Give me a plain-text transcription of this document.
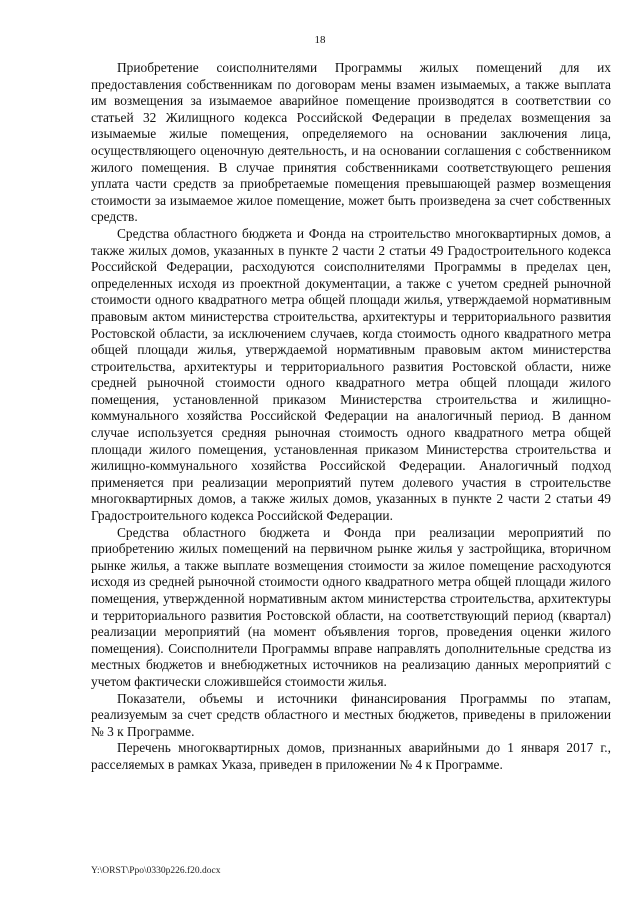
18

Приобретение соисполнителями Программы жилых помещений для их предоставления собственникам по договорам мены взамен изымаемых, а также выплата им возмещения за изымаемое аварийное помещение производятся в соответствии со статьей 32 Жилищного кодекса Российской Федерации в пределах возмещения за изымаемые жилые помещения, определяемого на основании заключения лица, осуществляющего оценочную деятельность, и на основании соглашения с собственником жилого помещения. В случае принятия собственниками соответствующего решения уплата части средств за приобретаемые помещения превышающей размер возмещения стоимости за изымаемое жилое помещение, может быть произведена за счет собственных средств.

Средства областного бюджета и Фонда на строительство многоквартирных домов, а также жилых домов, указанных в пункте 2 части 2 статьи 49 Градостроительного кодекса Российской Федерации, расходуются соисполнителями Программы в пределах цен, определенных исходя из проектной документации, а также с учетом средней рыночной стоимости одного квадратного метра общей площади жилья, утверждаемой нормативным правовым актом министерства строительства, архитектуры и территориального развития Ростовской области, за исключением случаев, когда стоимость одного квадратного метра общей площади жилья, утверждаемой нормативным правовым актом министерства строительства, архитектуры и территориального развития Ростовской области, ниже средней рыночной стоимости одного квадратного метра общей площади жилого помещения, установленной приказом Министерства строительства и жилищно-коммунального хозяйства Российской Федерации на аналогичный период. В данном случае используется средняя рыночная стоимость одного квадратного метра общей площади жилого помещения, установленная приказом Министерства строительства и жилищно-коммунального хозяйства Российской Федерации. Аналогичный подход применяется при реализации мероприятий путем долевого участия в строительстве многоквартирных домов, а также жилых домов, указанных в пункте 2 части 2 статьи 49 Градостроительного кодекса Российской Федерации.

Средства областного бюджета и Фонда при реализации мероприятий по приобретению жилых помещений на первичном рынке жилья у застройщика, вторичном рынке жилья, а также выплате возмещения стоимости за жилое помещение расходуются исходя из средней рыночной стоимости одного квадратного метра общей площади жилого помещения, утвержденной нормативным актом министерства строительства, архитектуры и территориального развития Ростовской области, на соответствующий период (квартал) реализации мероприятий (на момент объявления торгов, проведения оценки жилого помещения). Соисполнители Программы вправе направлять дополнительные средства из местных бюджетов и внебюджетных источников на реализацию данных мероприятий с учетом фактически сложившейся стоимости жилья.

Показатели, объемы и источники финансирования Программы по этапам, реализуемым за счет средств областного и местных бюджетов, приведены в приложении № 3 к Программе.

Перечень многоквартирных домов, признанных аварийными до 1 января 2017 г., расселяемых в рамках Указа, приведен в приложении № 4 к Программе.

Y:\ORST\Ppo\0330p226.f20.docx
